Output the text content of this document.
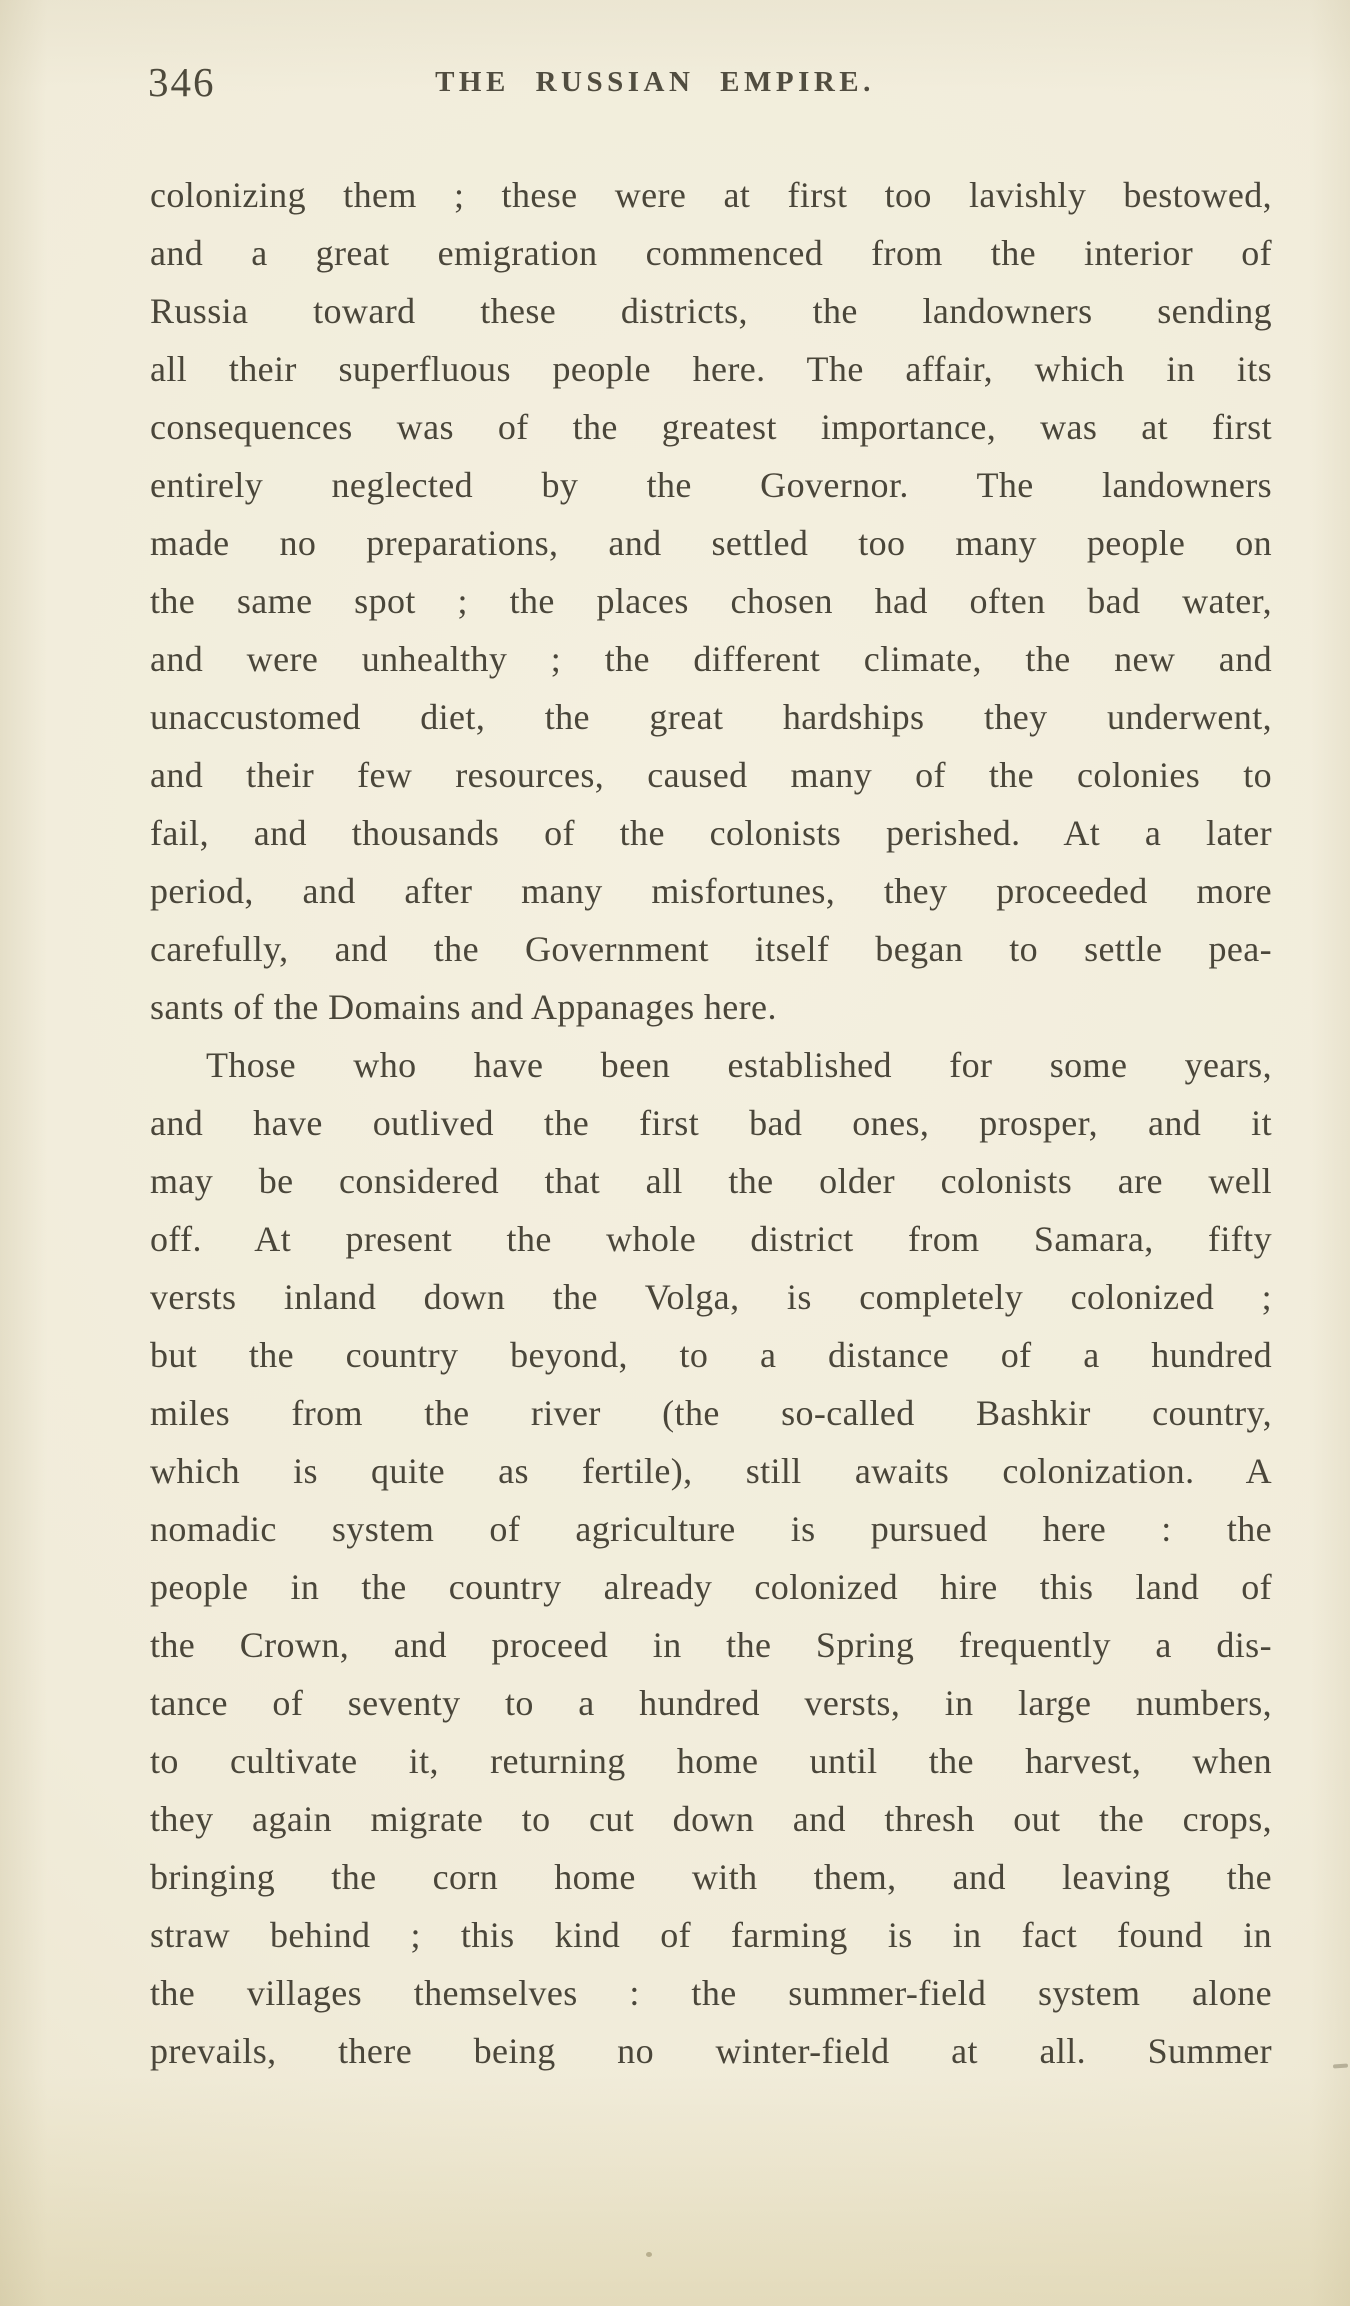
346	THE RUSSIAN EMPIRE.
colonizing them ; these were at first too lavishly bestowed,
and a great emigration commenced from the interior of
Russia toward these districts, the landowners sending
all their superfluous people here. The affair, which in its
consequences was of the greatest importance, was at first
entirely neglected by the Governor. The landowners
made no preparations, and settled too many people on
the same spot ; the places chosen had often bad water,
and were unhealthy ; the different climate, the new and
unaccustomed diet, the great hardships they underwent,
and their few resources, caused many of the colonies to
fail, and thousands of the colonists perished. At a later
period, and after many misfortunes, they proceeded more
carefully, and the Government itself began to settle pea-
sants of the Domains and Appanages here.
Those who have been established for some years,
and have outlived the first bad ones, prosper, and it
may be considered that all the older colonists are well
off. At present the whole district from Samara, fifty
versts inland down the Volga, is completely colonized ;
but the country beyond, to a distance of a hundred
miles from the river (the so-called Bashkir country,
which is quite as fertile), still awaits colonization. A
nomadic system of agriculture is pursued here : the
people in the country already colonized hire this land of
the Crown, and proceed in the Spring frequently a dis-
tance of seventy to a hundred versts, in large numbers,
to cultivate it, returning home until the harvest, when
they again migrate to cut down and thresh out the crops,
bringing the corn home with them, and leaving the
straw behind ; this kind of farming is in fact found in
the villages themselves : the summer-field system alone
prevails, there being no winter-field at all. Summer
